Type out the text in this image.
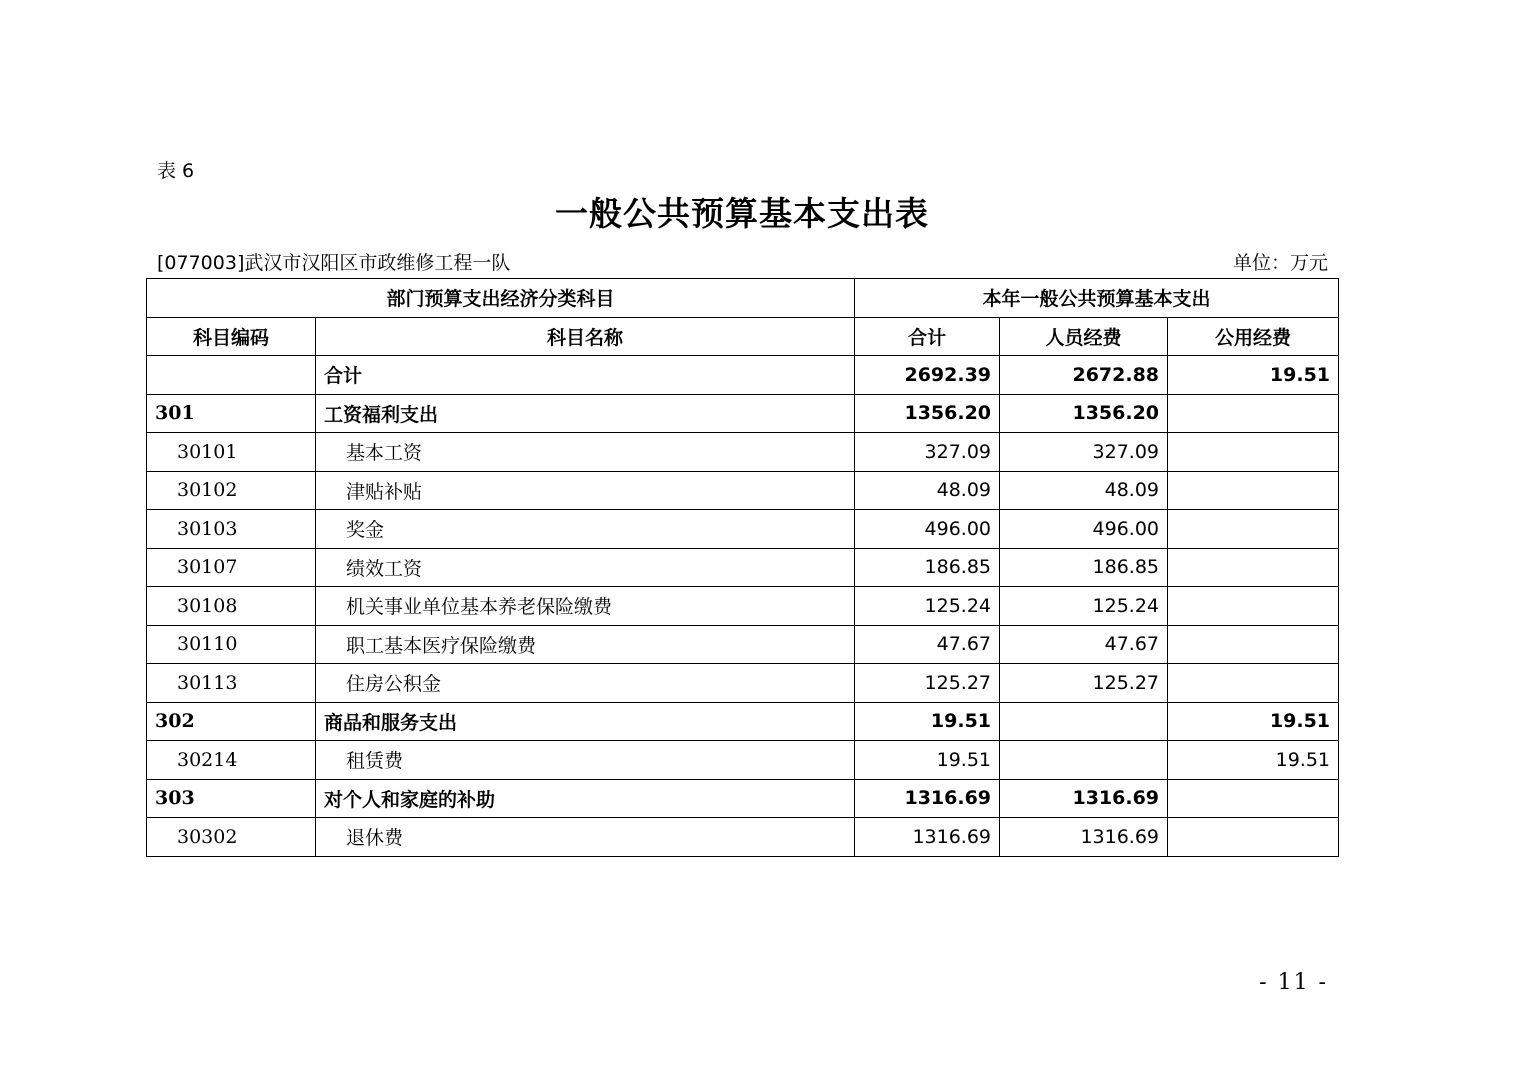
表 6
一般公共预算基本支出表
[077003]武汉市汉阳区市政维修工程一队	单位：万元
部门预算支出经济分类科目		本年一般公共预算基本支出		
科目编码	科目名称	合计	人员经费	公用经费
	合计	2692.39	2672.88	19.51
301	工资福利支出	1356.20	1356.20	
30101	基本工资	327.09	327.09	
30102	津贴补贴	48.09	48.09	
30103	奖金	496.00	496.00	
30107	绩效工资	186.85	186.85	
30108	机关事业单位基本养老保险缴费	125.24	125.24	
30110	职工基本医疗保险缴费	47.67	47.67	
30113	住房公积金	125.27	125.27	
302	商品和服务支出	19.51		19.51
30214	租赁费	19.51		19.51
303	对个人和家庭的补助	1316.69	1316.69	
30302	退休费	1316.69	1316.69	
- 11 -
